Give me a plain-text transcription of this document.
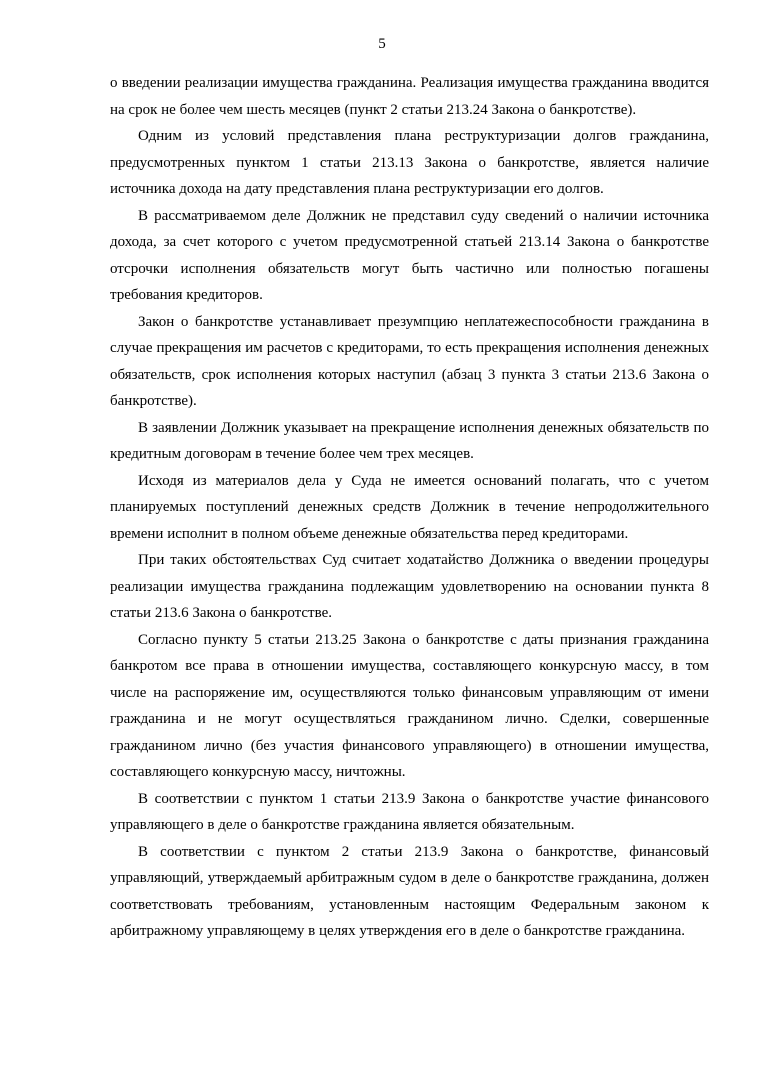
5

о введении реализации имущества гражданина. Реализация имущества гражданина вводится на срок не более чем шесть месяцев (пункт 2 статьи 213.24 Закона о банкротстве).

Одним из условий представления плана реструктуризации долгов гражданина, предусмотренных пунктом 1 статьи 213.13 Закона о банкротстве, является наличие источника дохода на дату представления плана реструктуризации его долгов.

В рассматриваемом деле Должник не представил суду сведений о наличии источника дохода, за счет которого с учетом предусмотренной статьей 213.14 Закона о банкротстве отсрочки исполнения обязательств могут быть частично или полностью погашены требования кредиторов.

Закон о банкротстве устанавливает презумпцию неплатежеспособности гражданина в случае прекращения им расчетов с кредиторами, то есть прекращения исполнения денежных обязательств, срок исполнения которых наступил (абзац 3 пункта 3 статьи 213.6 Закона о банкротстве).

В заявлении Должник указывает на прекращение исполнения денежных обязательств по кредитным договорам в течение более чем трех месяцев.

Исходя из материалов дела у Суда не имеется оснований полагать, что с учетом планируемых поступлений денежных средств Должник в течение непродолжительного времени исполнит в полном объеме денежные обязательства перед кредиторами.

При таких обстоятельствах Суд считает ходатайство Должника о введении процедуры реализации имущества гражданина подлежащим удовлетворению на основании пункта 8 статьи 213.6 Закона о банкротстве.

Согласно пункту 5 статьи 213.25 Закона о банкротстве с даты признания гражданина банкротом все права в отношении имущества, составляющего конкурсную массу, в том числе на распоряжение им, осуществляются только финансовым управляющим от имени гражданина и не могут осуществляться гражданином лично. Сделки, совершенные гражданином лично (без участия финансового управляющего) в отношении имущества, составляющего конкурсную массу, ничтожны.

В соответствии с пунктом 1 статьи 213.9 Закона о банкротстве участие финансового управляющего в деле о банкротстве гражданина является обязательным.

В соответствии с пунктом 2 статьи 213.9 Закона о банкротстве, финансовый управляющий, утверждаемый арбитражным судом в деле о банкротстве гражданина, должен соответствовать требованиям, установленным настоящим Федеральным законом к арбитражному управляющему в целях утверждения его в деле о банкротстве гражданина.
